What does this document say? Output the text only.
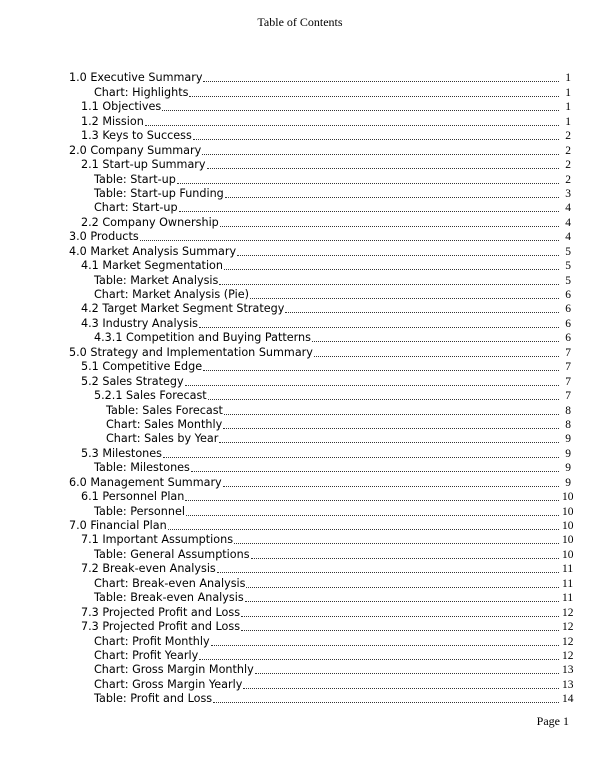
Table of Contents
1.0 Executive Summary	1
Chart: Highlights	1
1.1 Objectives	1
1.2 Mission	1
1.3 Keys to Success	2
2.0 Company Summary	2
2.1 Start-up Summary	2
Table: Start-up	2
Table: Start-up Funding	3
Chart: Start-up	4
2.2 Company Ownership	4
3.0 Products	4
4.0 Market Analysis Summary	5
4.1 Market Segmentation	5
Table: Market Analysis	5
Chart: Market Analysis (Pie)	6
4.2 Target Market Segment Strategy	6
4.3 Industry Analysis	6
4.3.1 Competition and Buying Patterns	6
5.0 Strategy and Implementation Summary	7
5.1 Competitive Edge	7
5.2 Sales Strategy	7
5.2.1 Sales Forecast	7
Table: Sales Forecast	8
Chart: Sales Monthly	8
Chart: Sales by Year	9
5.3 Milestones	9
Table: Milestones	9
6.0 Management Summary	9
6.1 Personnel Plan	10
Table: Personnel	10
7.0 Financial Plan	10
7.1 Important Assumptions	10
Table: General Assumptions	10
7.2 Break-even Analysis	11
Chart: Break-even Analysis	11
Table: Break-even Analysis	11
7.3 Projected Profit and Loss	12
7.3 Projected Profit and Loss	12
Chart: Profit Monthly	12
Chart: Profit Yearly	12
Chart: Gross Margin Monthly	13
Chart: Gross Margin Yearly	13
Table: Profit and Loss	14
Page 1
